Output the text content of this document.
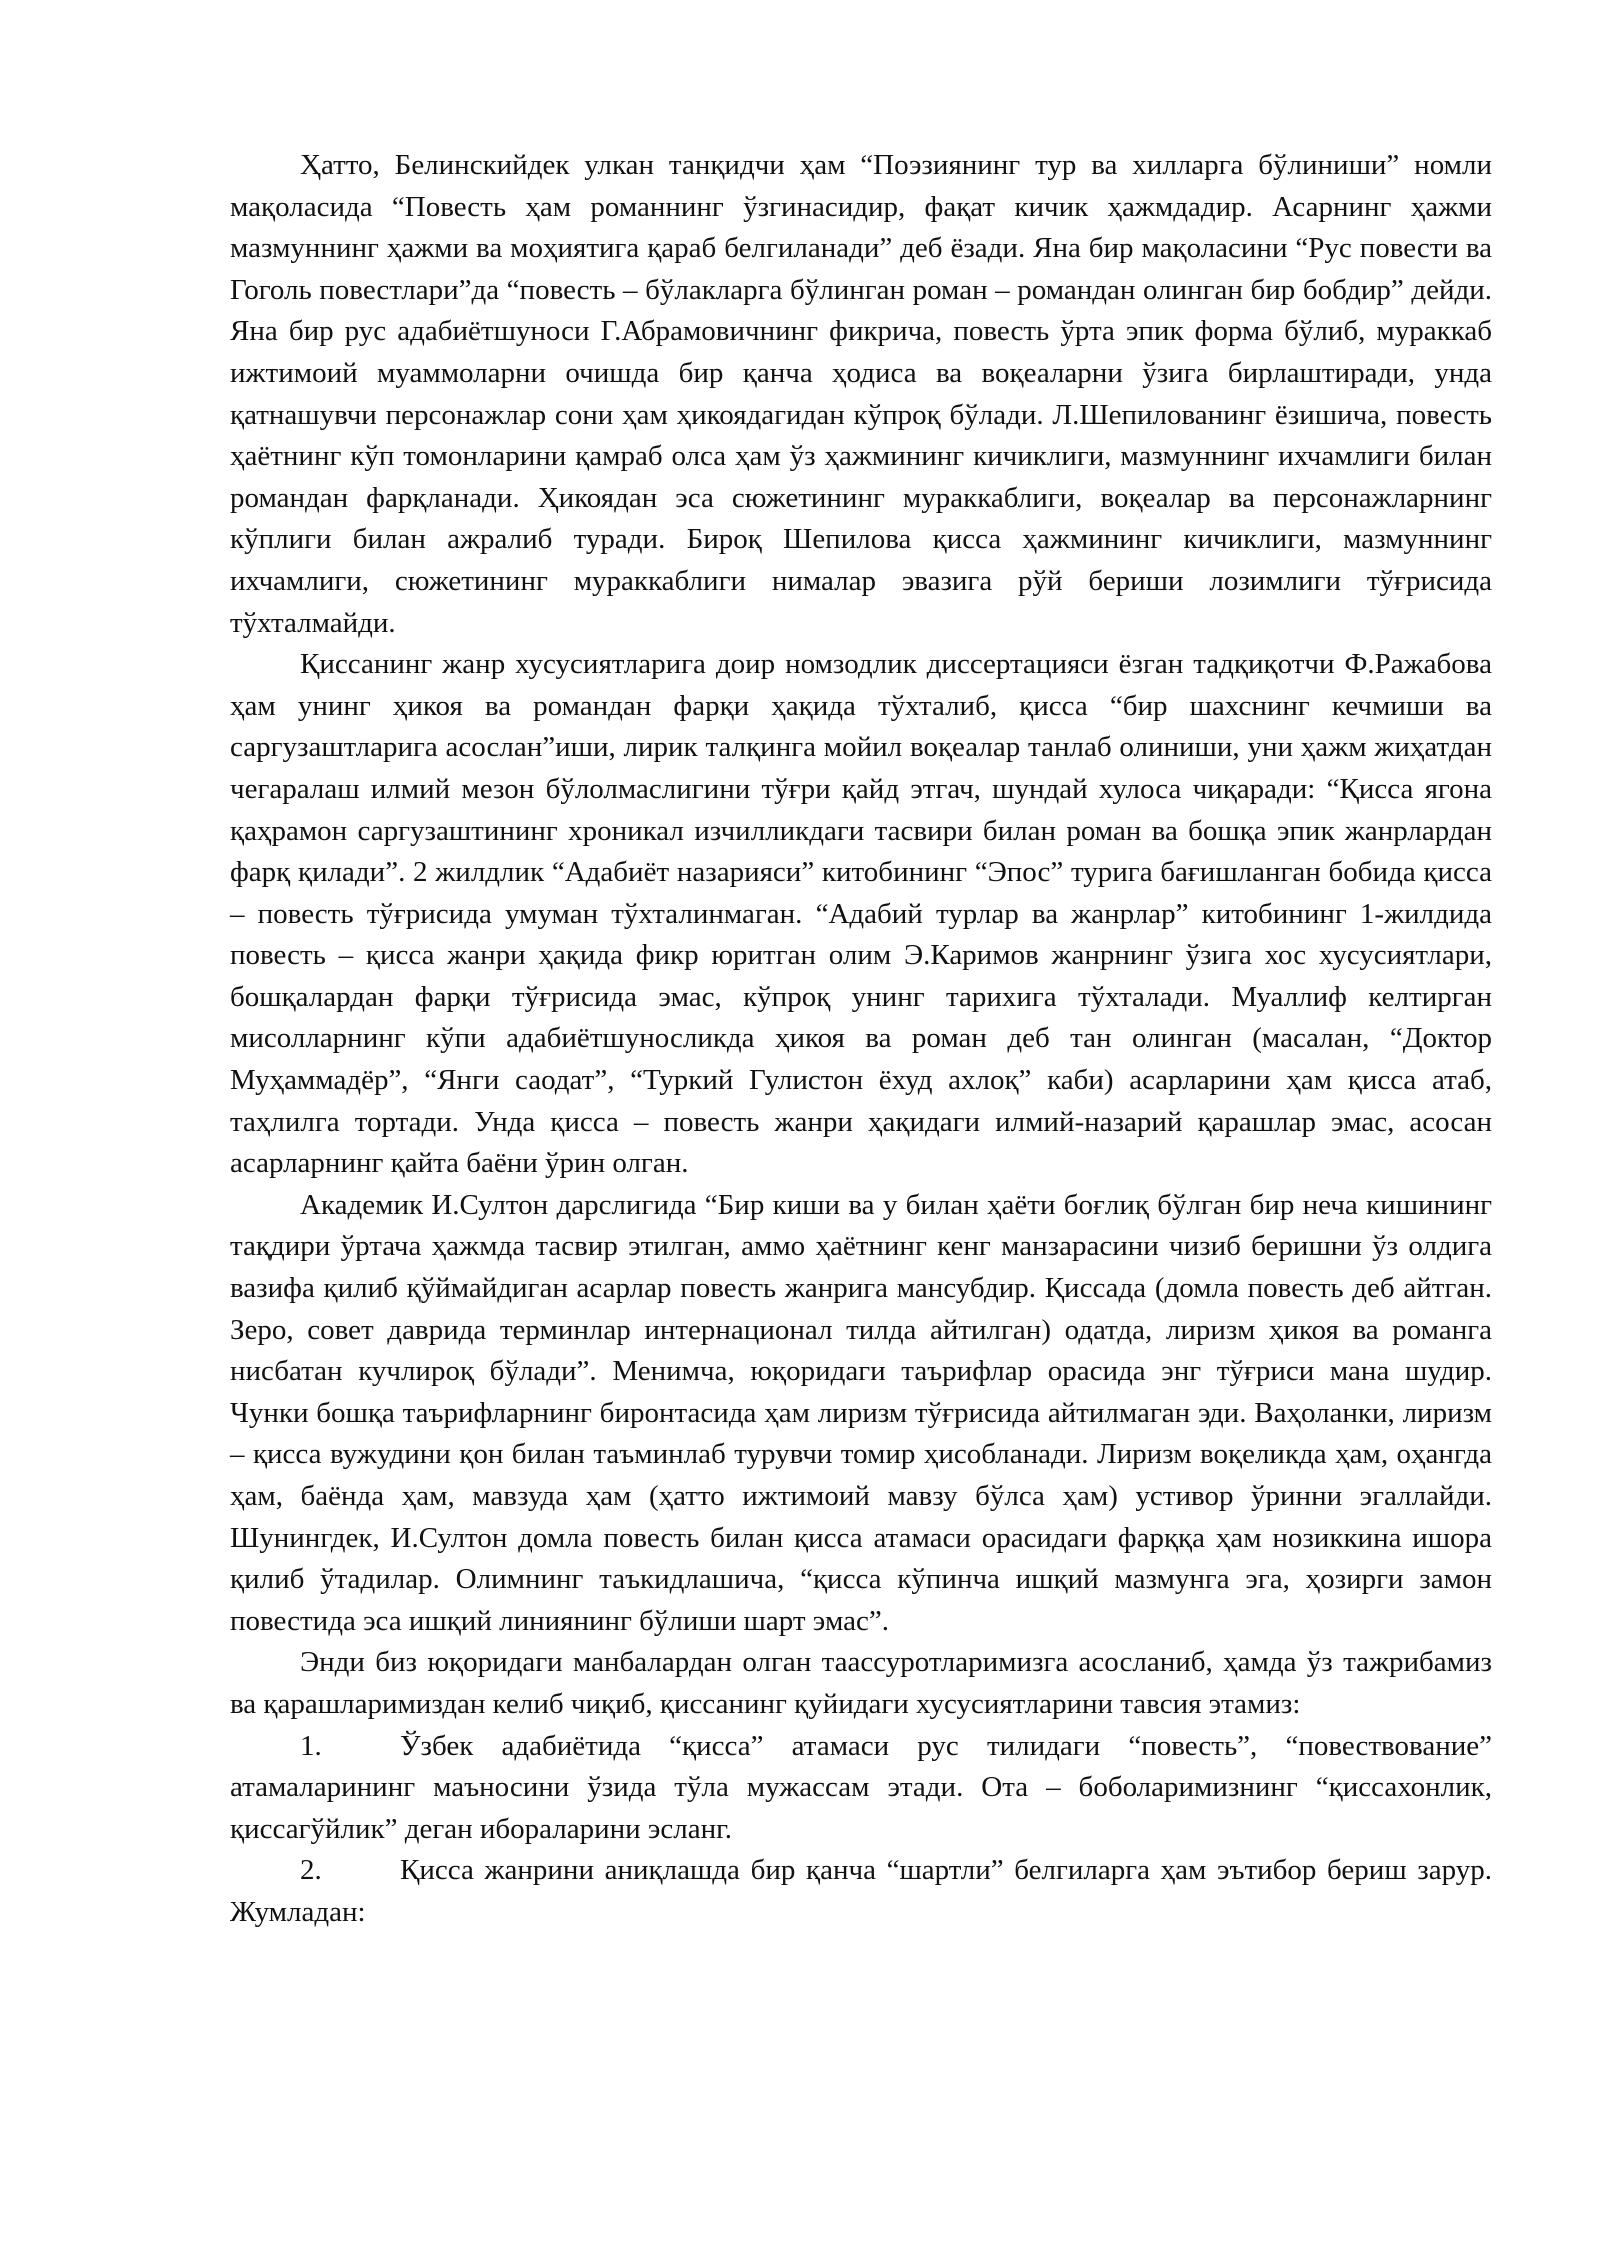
Ҳатто, Белинскийдек улкан танқидчи ҳам “Поэзиянинг тур ва хилларга бўлиниши” номли мақоласида “Повесть ҳам романнинг ўзгинасидир, фақат кичик ҳажмдадир. Асарнинг ҳажми мазмуннинг ҳажми ва моҳиятига қараб белгиланади” деб ёзади. Яна бир мақоласини “Рус повести ва Гоголь повестлари”да “повесть – бўлакларга бўлинган роман – романдан олинган бир бобдир” дейди. Яна бир рус адабиётшуноси Г.Абрамовичнинг фикрича, повесть ўрта эпик форма бўлиб, мураккаб ижтимоий муаммоларни очишда бир қанча ҳодиса ва воқеаларни ўзига бирлаштиради, унда қатнашувчи персонажлар сони ҳам ҳикоядагидан кўпроқ бўлади. Л.Шепилованинг ёзишича, повесть ҳаётнинг кўп томонларини қамраб олса ҳам ўз ҳажмининг кичиклиги, мазмуннинг ихчамлиги билан романдан фарқланади. Ҳикоядан эса сюжетининг мураккаблиги, воқеалар ва персонажларнинг кўплиги билан ажралиб туради. Бироқ Шепилова қисса ҳажмининг кичиклиги, мазмуннинг ихчамлиги, сюжетининг мураккаблиги нималар эвазига рўй бериши лозимлиги тўғрисида тўхталмайди.

Қиссанинг жанр хусусиятларига доир номзодлик диссертацияси ёзган тадқиқотчи Ф.Ражабова ҳам унинг ҳикоя ва романдан фарқи ҳақида тўхталиб, қисса “бир шахснинг кечмиши ва саргузаштларига асослан”иши, лирик талқинга мойил воқеалар танлаб олиниши, уни ҳажм жиҳатдан чегаралаш илмий мезон бўлолмаслигини тўғри қайд этгач, шундай хулоса чиқаради: “Қисса ягона қаҳрамон саргузаштининг хроникал изчилликдаги тасвири билан роман ва бошқа эпик жанрлардан фарқ қилади”. 2 жилдлик “Адабиёт назарияси” китобининг “Эпос” турига бағишланган бобида қисса – повесть тўғрисида умуман тўхталинмаган. “Адабий турлар ва жанрлар” китобининг 1-жилдида повесть – қисса жанри ҳақида фикр юритган олим Э.Каримов жанрнинг ўзига хос хусусиятлари, бошқалардан фарқи тўғрисида эмас, кўпроқ унинг тарихига тўхталади. Муаллиф келтирган мисолларнинг кўпи адабиётшуносликда ҳикоя ва роман деб тан олинган (масалан, “Доктор Муҳаммадёр”, “Янги саодат”, “Туркий Гулистон ёхуд ахлоқ” каби) асарларини ҳам қисса атаб, таҳлилга тортади. Унда қисса – повесть жанри ҳақидаги илмий-назарий қарашлар эмас, асосан асарларнинг қайта баёни ўрин олган.

Академик И.Султон дарслигида “Бир киши ва у билан ҳаёти боғлиқ бўлган бир неча кишининг тақдири ўртача ҳажмда тасвир этилган, аммо ҳаётнинг кенг манзарасини чизиб беришни ўз олдига вазифа қилиб қўймайдиган асарлар повесть жанрига мансубдир. Қиссада (домла повесть деб айтган. Зеро, совет даврида терминлар интернационал тилда айтилган) одатда, лиризм ҳикоя ва романга нисбатан кучлироқ бўлади”. Менимча, юқоридаги таърифлар орасида энг тўғриси мана шудир. Чунки бошқа таърифларнинг биронтасида ҳам лиризм тўғрисида айтилмаган эди. Ваҳоланки, лиризм – қисса вужудини қон билан таъминлаб турувчи томир ҳисобланади. Лиризм воқеликда ҳам, оҳангда ҳам, баёнда ҳам, мавзуда ҳам (ҳатто ижтимоий мавзу бўлса ҳам) устивор ўринни эгаллайди. Шунингдек, И.Султон домла повесть билан қисса атамаси орасидаги фарққа ҳам нозиккина ишора қилиб ўтадилар. Олимнинг таъкидлашича, “қисса кўпинча ишқий мазмунга эга, ҳозирги замон повестида эса ишқий линиянинг бўлиши шарт эмас”.

Энди биз юқоридаги манбалардан олган таассуротларимизга асосланиб, ҳамда ўз тажрибамиз ва қарашларимиздан келиб чиқиб, қиссанинг қуйидаги хусусиятларини тавсия этамиз:

1.	Ўзбек адабиётида “қисса” атамаси рус тилидаги “повесть”, “повествование” атамаларининг маъносини ўзида тўла мужассам этади. Ота – боболаримизнинг “қиссахонлик, қиссагўйлик” деган ибораларини эсланг.

2.	Қисса жанрини аниқлашда бир қанча “шартли” белгиларга ҳам эътибор бериш зарур. Жумладан:
